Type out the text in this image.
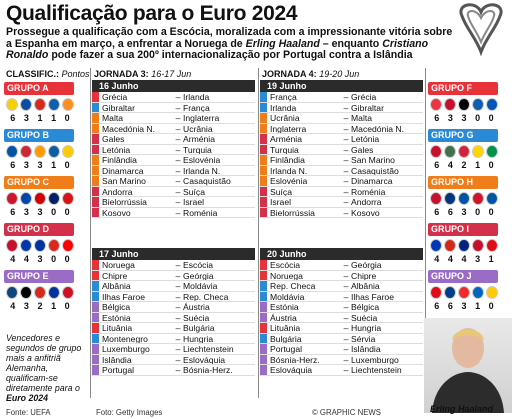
Qualificação para o Euro 2024
Prossegue a qualificação com a Escócia, moralizada com a impressionante vitória sobre a Espanha em março, a enfrentar a Noruega de Erling Haaland – enquanto Cristiano Ronaldo pode fazer a sua 200º internacionalização por Portugal contra a Islândia
CLASSIFIC.: Pontos JORNADA 3: 16-17 Jun	JORNADA 4: 19-20 Jun
GRUPO A
6 3 1 1 0
GRUPO B
6 3 3 1 0
GRUPO C
6 3 3 0 0
GRUPO D
4 4 3 0 0
GRUPO E
4 3 2 1 0
GRUPO F
6 3 3 0 0
GRUPO G
6 4 2 1 0
GRUPO H
6 6 3 0 0
GRUPO I
4 4 4 3 1
GRUPO J
6 6 3 1 0
16 Junho
Grécia	– Irlanda
Gibraltar	– França
Malta	– Inglaterra
Macedónia N.	– Ucrânia
Gales	– Arménia
Letónia	– Turquia
Finlândia	– Eslovénia
Dinamarca	– Irlanda N.
San Marino	– Casaquistão
Andorra	– Suíça
Bielorrússia	– Israel
Kosovo	– Roménia
17 Junho
Noruega	– Escócia
Chipre	– Geórgia
Albânia	– Moldávia
Ilhas Faroe	– Rep. Checa
Bélgica	– Áustria
Estónia	– Suécia
Lituânia	– Bulgária
Montenegro	– Hungria
Luxemburgo	– Liechtenstein
Islândia	– Eslováquia
Portugal	– Bósnia-Herz.
19 Junho
França	– Grécia
Irlanda	– Gibraltar
Ucrânia	– Malta
Inglaterra	– Macedónia N.
Arménia	– Letónia
Turquia	– Gales
Finlândia	– San Marino
Irlanda N.	– Casaquistão
Eslovénia	– Dinamarca
Suíça	– Roménia
Israel	– Andorra
Bielorrússia	– Kosovo
20 Junho
Escócia	– Geórgia
Noruega	– Chipre
Rep. Checa	– Albânia
Moldávia	– Ilhas Faroe
Estónia	– Bélgica
Áustria	– Suécia
Lituânia	– Hungria
Bulgária	– Sérvia
Portugal	– Islândia
Bósnia-Herz.	– Luxemburgo
Eslováquia	– Liechtenstein
Vencedores e segundos de grupo mais a anfitriã Alemanha, qualificam-se diretamente para o Euro 2024
Erling Haaland
Fonte: UEFA	Foto: Getty Images	© GRAPHIC NEWS
